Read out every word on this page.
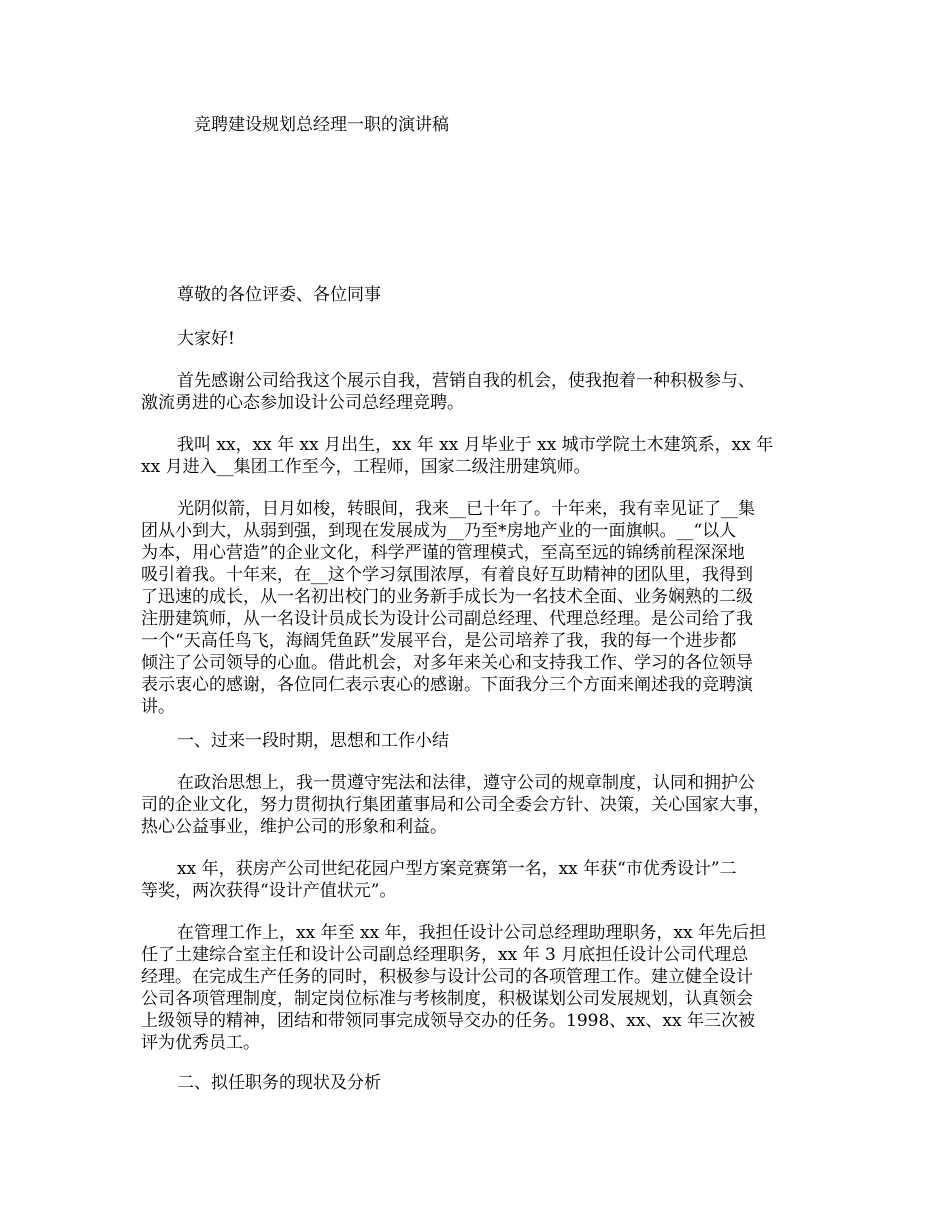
竞聘建设规划总经理一职的演讲稿
尊敬的各位评委、各位同事
大家好!
首先感谢公司给我这个展示自我，营销自我的机会，使我抱着一种积极参与、
激流勇进的心态参加设计公司总经理竞聘。
我叫 xx，xx 年 xx 月出生，xx 年 xx 月毕业于 xx 城市学院土木建筑系，xx 年
xx 月进入__集团工作至今，工程师，国家二级注册建筑师。
光阴似箭，日月如梭，转眼间，我来__已十年了。十年来，我有幸见证了__集
团从小到大，从弱到强，到现在发展成为__乃至*房地产业的一面旗帜。__“以人
为本，用心营造”的企业文化，科学严谨的管理模式，至高至远的锦绣前程深深地
吸引着我。十年来，在__这个学习氛围浓厚，有着良好互助精神的团队里，我得到
了迅速的成长，从一名初出校门的业务新手成长为一名技术全面、业务娴熟的二级
注册建筑师，从一名设计员成长为设计公司副总经理、代理总经理。是公司给了我
一个“天高任鸟飞，海阔凭鱼跃”发展平台，是公司培养了我，我的每一个进步都
倾注了公司领导的心血。借此机会，对多年来关心和支持我工作、学习的各位领导
表示衷心的感谢，各位同仁表示衷心的感谢。下面我分三个方面来阐述我的竞聘演
讲。
一、过来一段时期，思想和工作小结
在政治思想上，我一贯遵守宪法和法律，遵守公司的规章制度，认同和拥护公
司的企业文化，努力贯彻执行集团董事局和公司全委会方针、决策，关心国家大事，
热心公益事业，维护公司的形象和利益。
xx 年，获房产公司世纪花园户型方案竞赛第一名，xx 年获“市优秀设计”二
等奖，两次获得“设计产值状元”。
在管理工作上，xx 年至 xx 年，我担任设计公司总经理助理职务，xx 年先后担
任了土建综合室主任和设计公司副总经理职务，xx 年 3 月底担任设计公司代理总
经理。在完成生产任务的同时，积极参与设计公司的各项管理工作。建立健全设计
公司各项管理制度，制定岗位标准与考核制度，积极谋划公司发展规划，认真领会
上级领导的精神，团结和带领同事完成领导交办的任务。1998、xx、xx 年三次被
评为优秀员工。
二、拟任职务的现状及分析
